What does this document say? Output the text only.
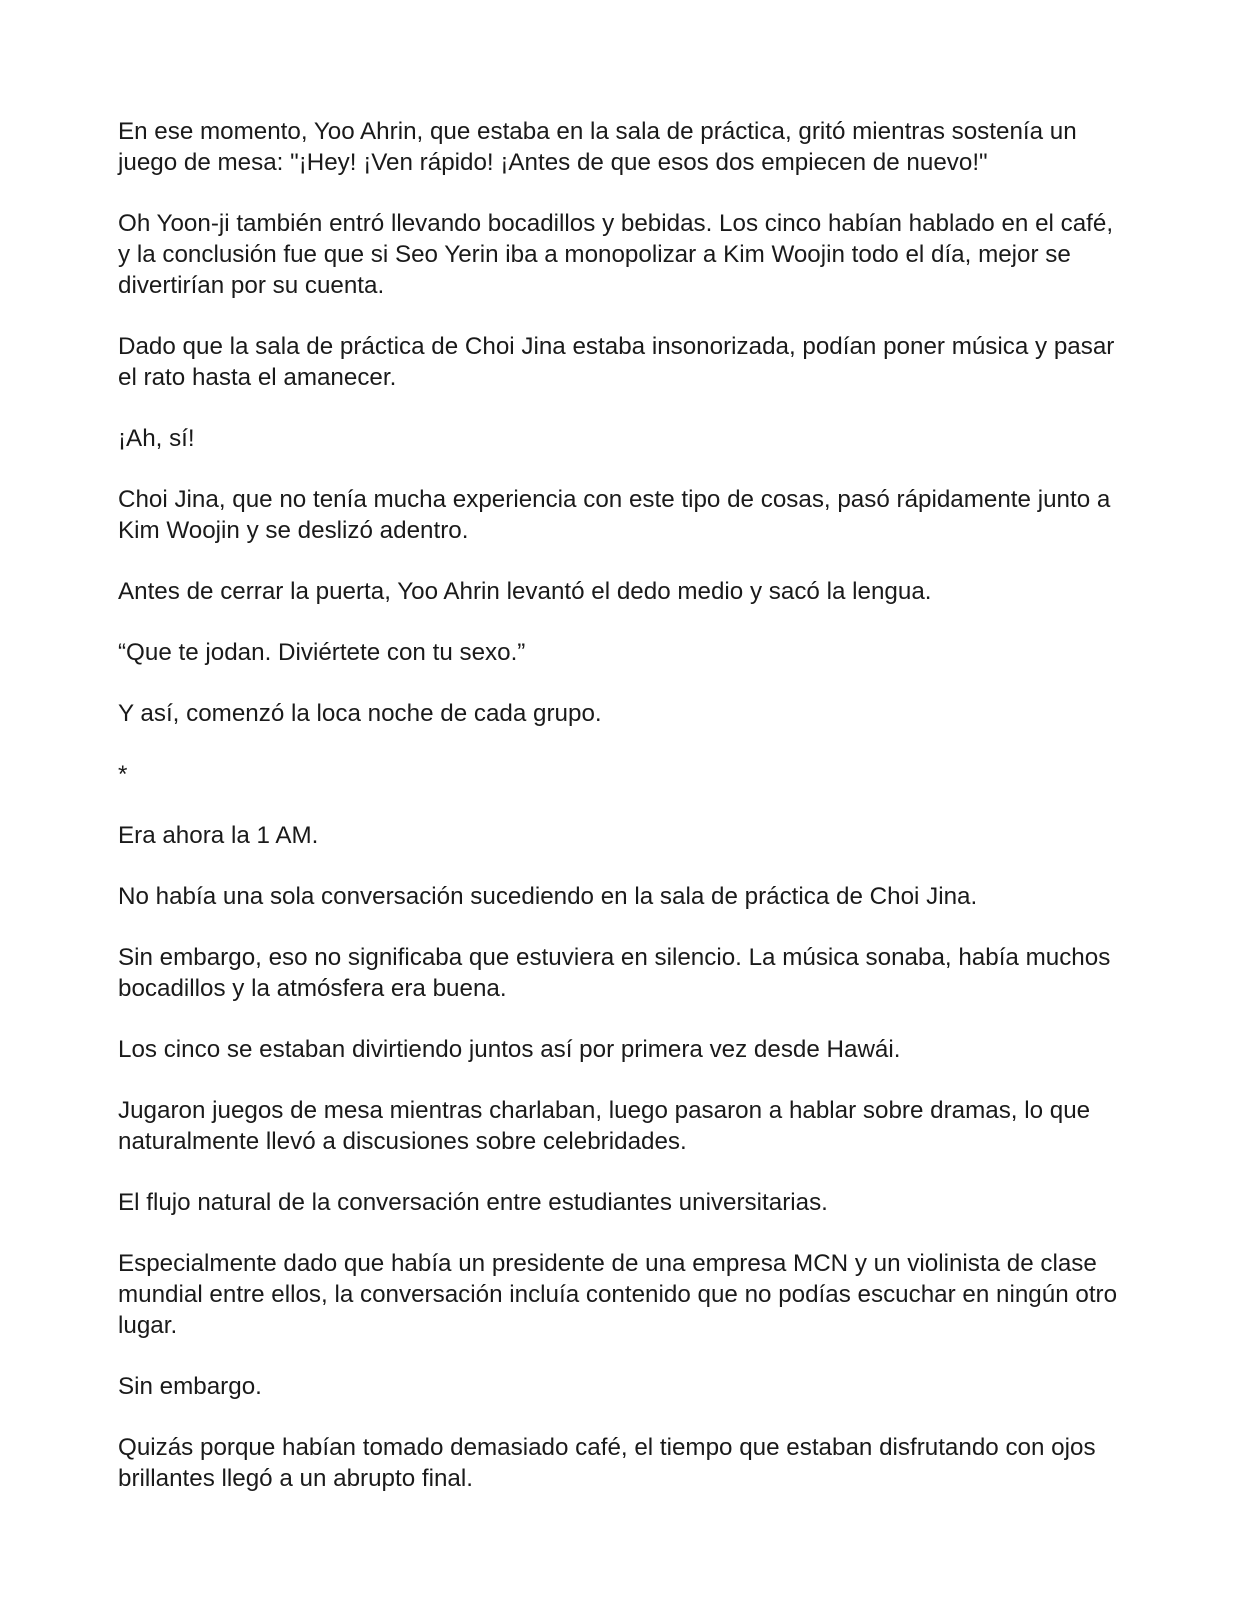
En ese momento, Yoo Ahrin, que estaba en la sala de práctica, gritó mientras sostenía un juego de mesa: "¡Hey! ¡Ven rápido! ¡Antes de que esos dos empiecen de nuevo!"

Oh Yoon-ji también entró llevando bocadillos y bebidas. Los cinco habían hablado en el café, y la conclusión fue que si Seo Yerin iba a monopolizar a Kim Woojin todo el día, mejor se divertirían por su cuenta.

Dado que la sala de práctica de Choi Jina estaba insonorizada, podían poner música y pasar el rato hasta el amanecer.

¡Ah, sí!

Choi Jina, que no tenía mucha experiencia con este tipo de cosas, pasó rápidamente junto a Kim Woojin y se deslizó adentro.

Antes de cerrar la puerta, Yoo Ahrin levantó el dedo medio y sacó la lengua.

“Que te jodan. Diviértete con tu sexo.”

Y así, comenzó la loca noche de cada grupo.

*

Era ahora la 1 AM.

No había una sola conversación sucediendo en la sala de práctica de Choi Jina.

Sin embargo, eso no significaba que estuviera en silencio. La música sonaba, había muchos bocadillos y la atmósfera era buena.

Los cinco se estaban divirtiendo juntos así por primera vez desde Hawái.

Jugaron juegos de mesa mientras charlaban, luego pasaron a hablar sobre dramas, lo que naturalmente llevó a discusiones sobre celebridades.

El flujo natural de la conversación entre estudiantes universitarias.

Especialmente dado que había un presidente de una empresa MCN y un violinista de clase mundial entre ellos, la conversación incluía contenido que no podías escuchar en ningún otro lugar.

Sin embargo.

Quizás porque habían tomado demasiado café, el tiempo que estaban disfrutando con ojos brillantes llegó a un abrupto final.
